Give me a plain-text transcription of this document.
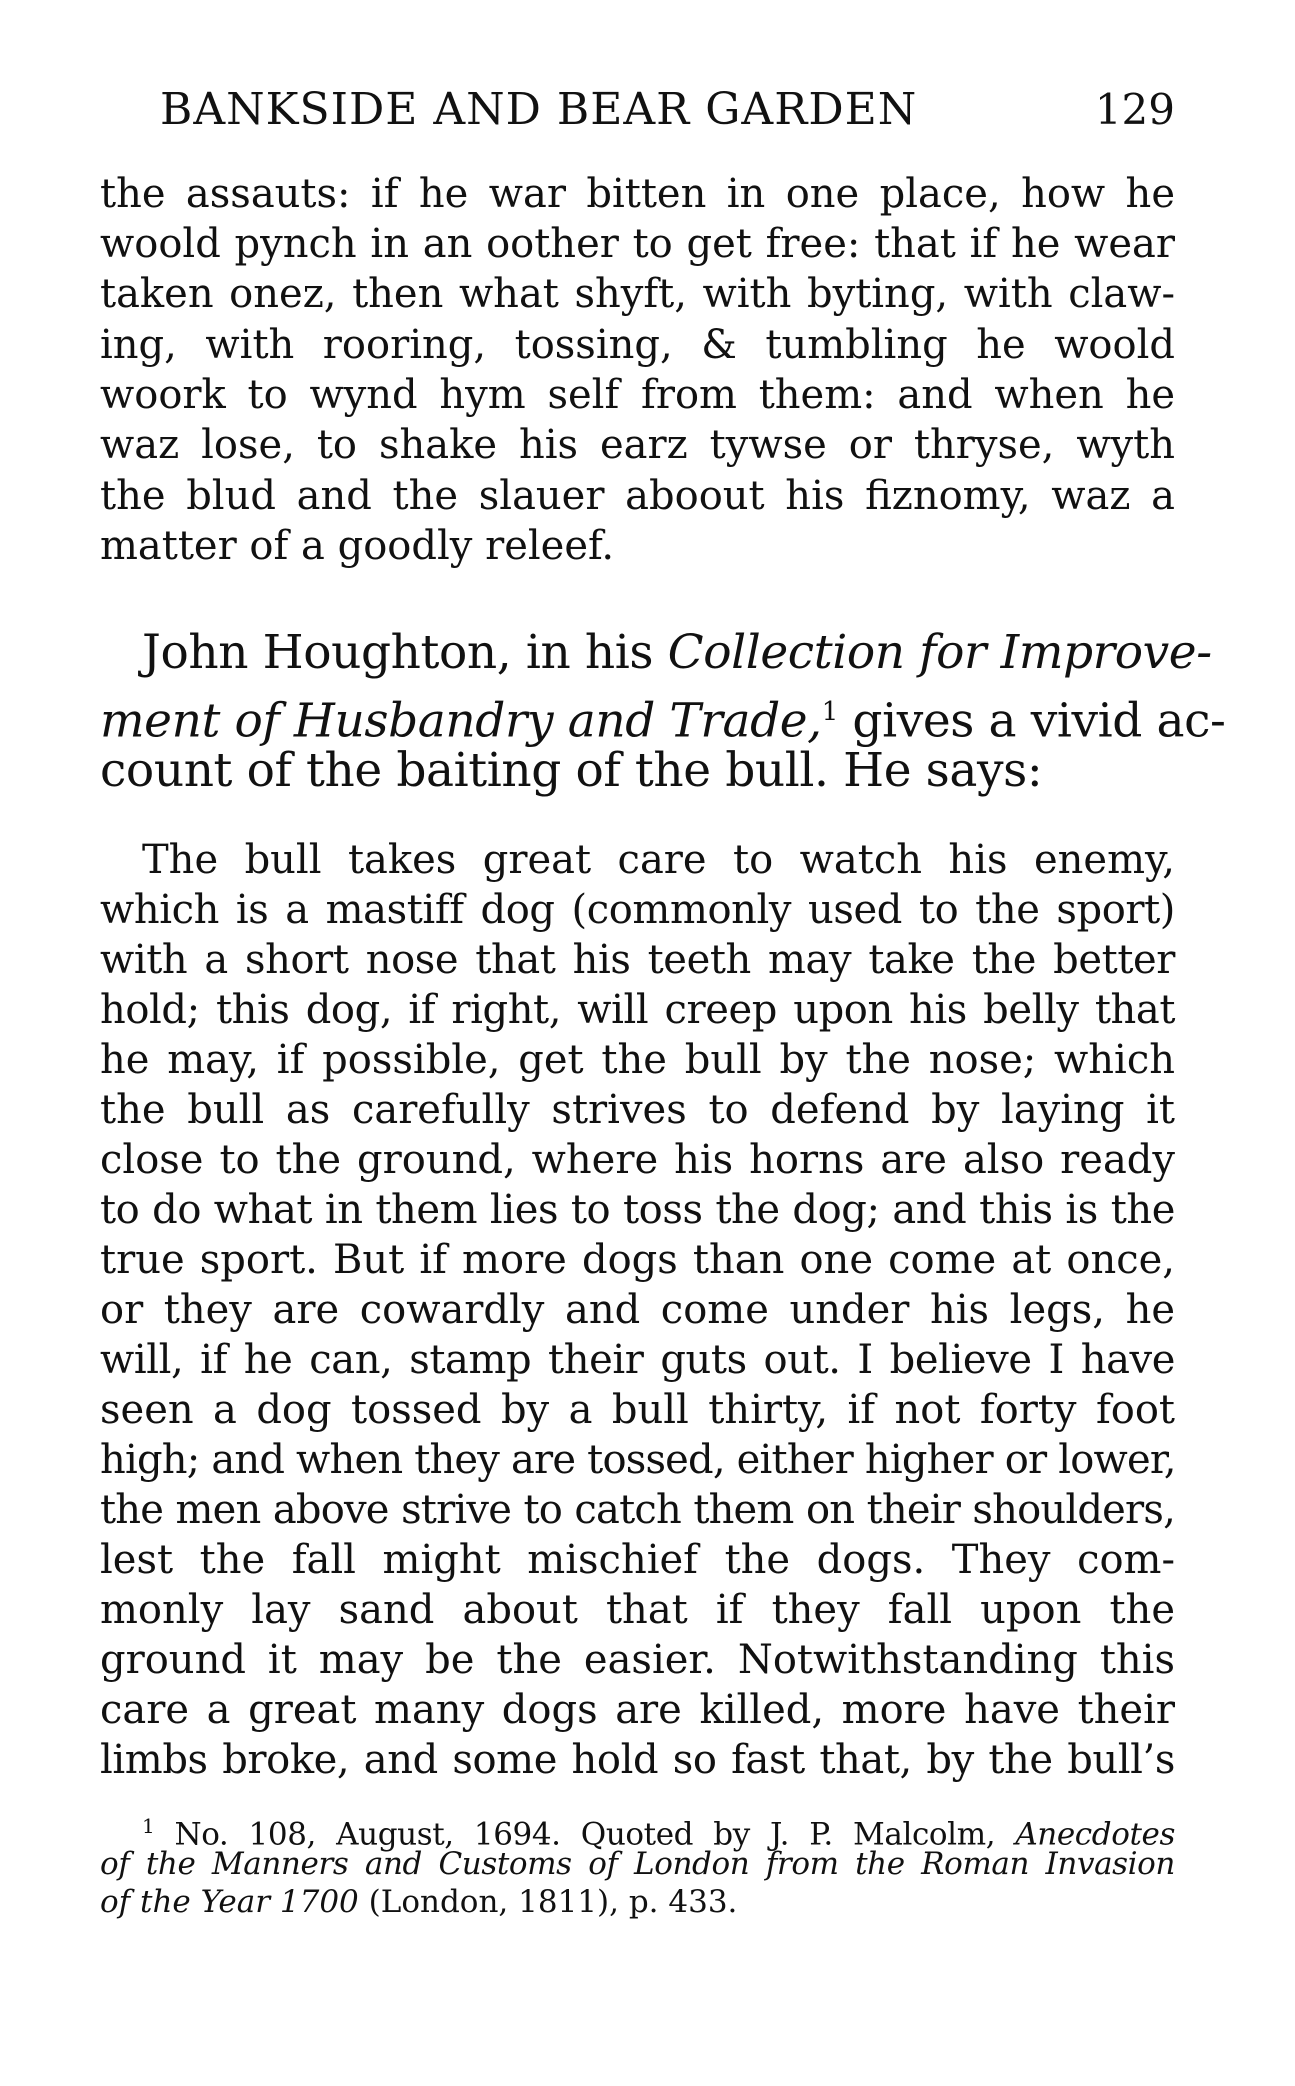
BANKSIDE AND BEAR GARDEN	129
the assauts: if he war bitten in one place, how he
woold pynch in an oother to get free: that if he wear
taken onez, then what shyft, with byting, with claw-
ing, with rooring, tossing, & tumbling he woold
woork to wynd hym self from them: and when he
waz lose, to shake his earz tywse or thryse, wyth
the blud and the slauer aboout his fiznomy, waz a
matter of a goodly releef.
John Houghton, in his Collection for Improve-
ment of Husbandry and Trade,$^1$ gives a vivid ac-
count of the baiting of the bull. He says:
The bull takes great care to watch his enemy,
which is a mastiff dog (commonly used to the sport)
with a short nose that his teeth may take the better
hold; this dog, if right, will creep upon his belly that
he may, if possible, get the bull by the nose; which
the bull as carefully strives to defend by laying it
close to the ground, where his horns are also ready
to do what in them lies to toss the dog; and this is the
true sport. But if more dogs than one come at once,
or they are cowardly and come under his legs, he
will, if he can, stamp their guts out. I believe I have
seen a dog tossed by a bull thirty, if not forty foot
high; and when they are tossed, either higher or lower,
the men above strive to catch them on their shoulders,
lest the fall might mischief the dogs. They com-
monly lay sand about that if they fall upon the
ground it may be the easier. Notwithstanding this
care a great many dogs are killed, more have their
limbs broke, and some hold so fast that, by the bull’s
$^1$ No. 108, August, 1694. Quoted by J. P. Malcolm, Anecdotes
of the Manners and Customs of London from the Roman Invasion
of the Year 1700 (London, 1811), p. 433.
